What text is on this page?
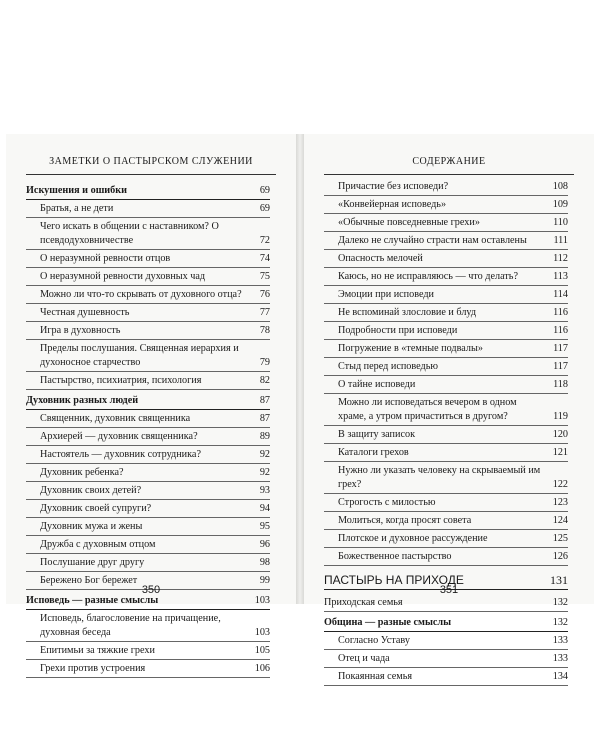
ЗАМЕТКИ О ПАСТЫРСКОМ СЛУЖЕНИИ
Искушения и ошибки	69
Братья, а не дети	69
Чего искать в общении с наставником? О псевдодуховничестве	72
О неразумной ревности отцов	74
О неразумной ревности духовных чад	75
Можно ли что-то скрывать от духовного отца?	76
Честная душевность	77
Игра в духовность	78
Пределы послушания. Священная иерархия и духоносное старчество	79
Пастырство, психиатрия, психология	82
Духовник разных людей	87
Священник, духовник священника	87
Архиерей — духовник священника?	89
Настоятель — духовник сотрудника?	92
Духовник ребенка?	92
Духовник своих детей?	93
Духовник своей супруги?	94
Духовник мужа и жены	95
Дружба с духовным отцом	96
Послушание друг другу	98
Бережено Бог бережет	99
Исповедь — разные смыслы	103
Исповедь, благословение на причащение, духовная беседа	103
Епитимьи за тяжкие грехи	105
Грехи против устроения	106
350
СОДЕРЖАНИЕ
Причастие без исповеди?	108
«Конвейерная исповедь»	109
«Обычные повседневные грехи»	110
Далеко не случайно страсти нам оставлены	111
Опасность мелочей	112
Каюсь, но не исправляюсь — что делать?	113
Эмоции при исповеди	114
Не вспоминай злословие и блуд	116
Подробности при исповеди	116
Погружение в «темные подвалы»	117
Стыд перед исповедью	117
О тайне исповеди	118
Можно ли исповедаться вечером в одном храме, а утром причаститься в другом?	119
В защиту записок	120
Каталоги грехов	121
Нужно ли указать человеку на скрываемый им грех?	122
Строгость с милостью	123
Молиться, когда просят совета	124
Плотское и духовное рассуждение	125
Божественное пастырство	126
ПАСТЫРЬ НА ПРИХОДЕ	131
Приходская семья	132
Община — разные смыслы	132
Согласно Уставу	133
Отец и чада	133
Покаянная семья	134
351
